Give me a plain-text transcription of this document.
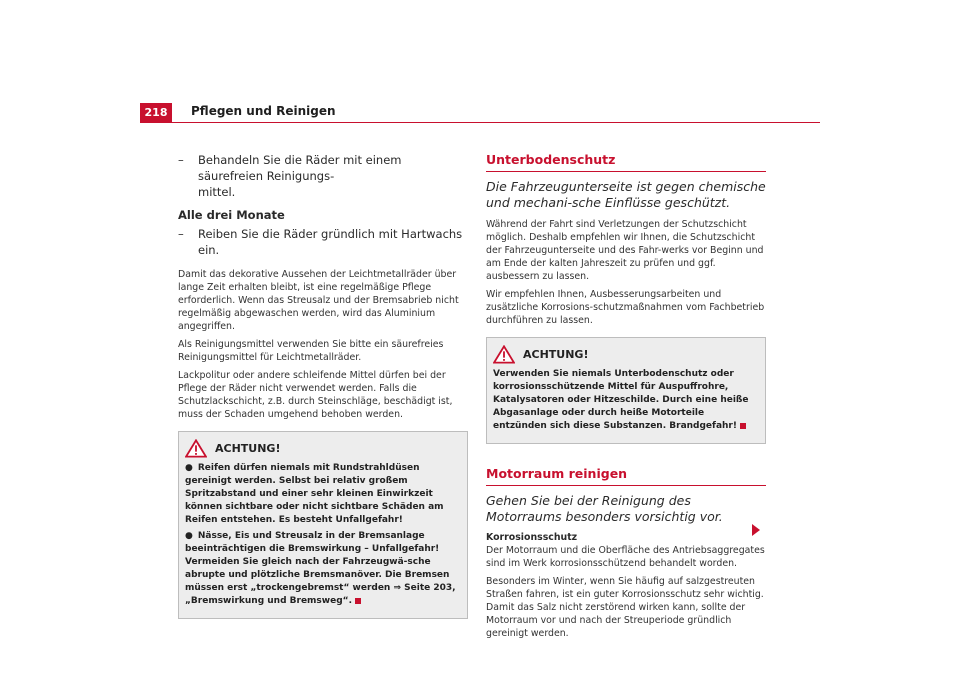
218	Pflegen und Reinigen
– Behandeln Sie die Räder mit einem säurefreien Reinigungs-
mittel.
Alle drei Monate
– Reiben Sie die Räder gründlich mit Hartwachs ein.

Damit das dekorative Aussehen der Leichtmetallräder über lange Zeit erhalten bleibt, ist eine regelmäßige Pflege erforderlich. Wenn das Streusalz und der Bremsabrieb nicht regelmäßig abgewaschen werden, wird das Aluminium angegriffen.

Als Reinigungsmittel verwenden Sie bitte ein säurefreies Reinigungsmittel für Leichtmetallräder.

Lackpolitur oder andere schleifende Mittel dürfen bei der Pflege der Räder nicht verwendet werden. Falls die Schutzlackschicht, z.B. durch Steinschläge, beschädigt ist, muss der Schaden umgehend behoben werden.

ACHTUNG!

● Reifen dürfen niemals mit Rundstrahldüsen gereinigt werden. Selbst bei relativ großem Spritzabstand und einer sehr kleinen Einwirkzeit können sichtbare oder nicht sichtbare Schäden am Reifen entstehen. Es besteht Unfallgefahr!

● Nässe, Eis und Streusalz in der Bremsanlage beeinträchtigen die Bremswirkung – Unfallgefahr! Vermeiden Sie gleich nach der Fahrzeugwä-sche abrupte und plötzliche Bremsmanöver. Die Bremsen müssen erst „trockengebremst“ werden ⇒ Seite 203, „Bremswirkung und Bremsweg“.

Unterbodenschutz
Die Fahrzeugunterseite ist gegen chemische und mechani-sche Einflüsse geschützt.

Während der Fahrt sind Verletzungen der Schutzschicht möglich. Deshalb empfehlen wir Ihnen, die Schutzschicht der Fahrzeugunterseite und des Fahr-werks vor Beginn und am Ende der kalten Jahreszeit zu prüfen und ggf. ausbessern zu lassen.

Wir empfehlen Ihnen, Ausbesserungsarbeiten und zusätzliche Korrosions-schutzmaßnahmen vom Fachbetrieb durchführen zu lassen.

ACHTUNG!

Verwenden Sie niemals Unterbodenschutz oder korrosionsschützende Mittel für Auspuffrohre, Katalysatoren oder Hitzeschilde. Durch eine heiße Abgasanlage oder durch heiße Motorteile entzünden sich diese Substanzen. Brandgefahr!

Motorraum reinigen
Gehen Sie bei der Reinigung des Motorraums besonders vorsichtig vor.
Korrosionsschutz

Der Motorraum und die Oberfläche des Antriebsaggregates sind im Werk korrosionsschützend behandelt worden.

Besonders im Winter, wenn Sie häufig auf salzgestreuten Straßen fahren, ist ein guter Korrosionsschutz sehr wichtig. Damit das Salz nicht zerstörend wirken kann, sollte der Motorraum vor und nach der Streuperiode gründlich gereinigt werden.
